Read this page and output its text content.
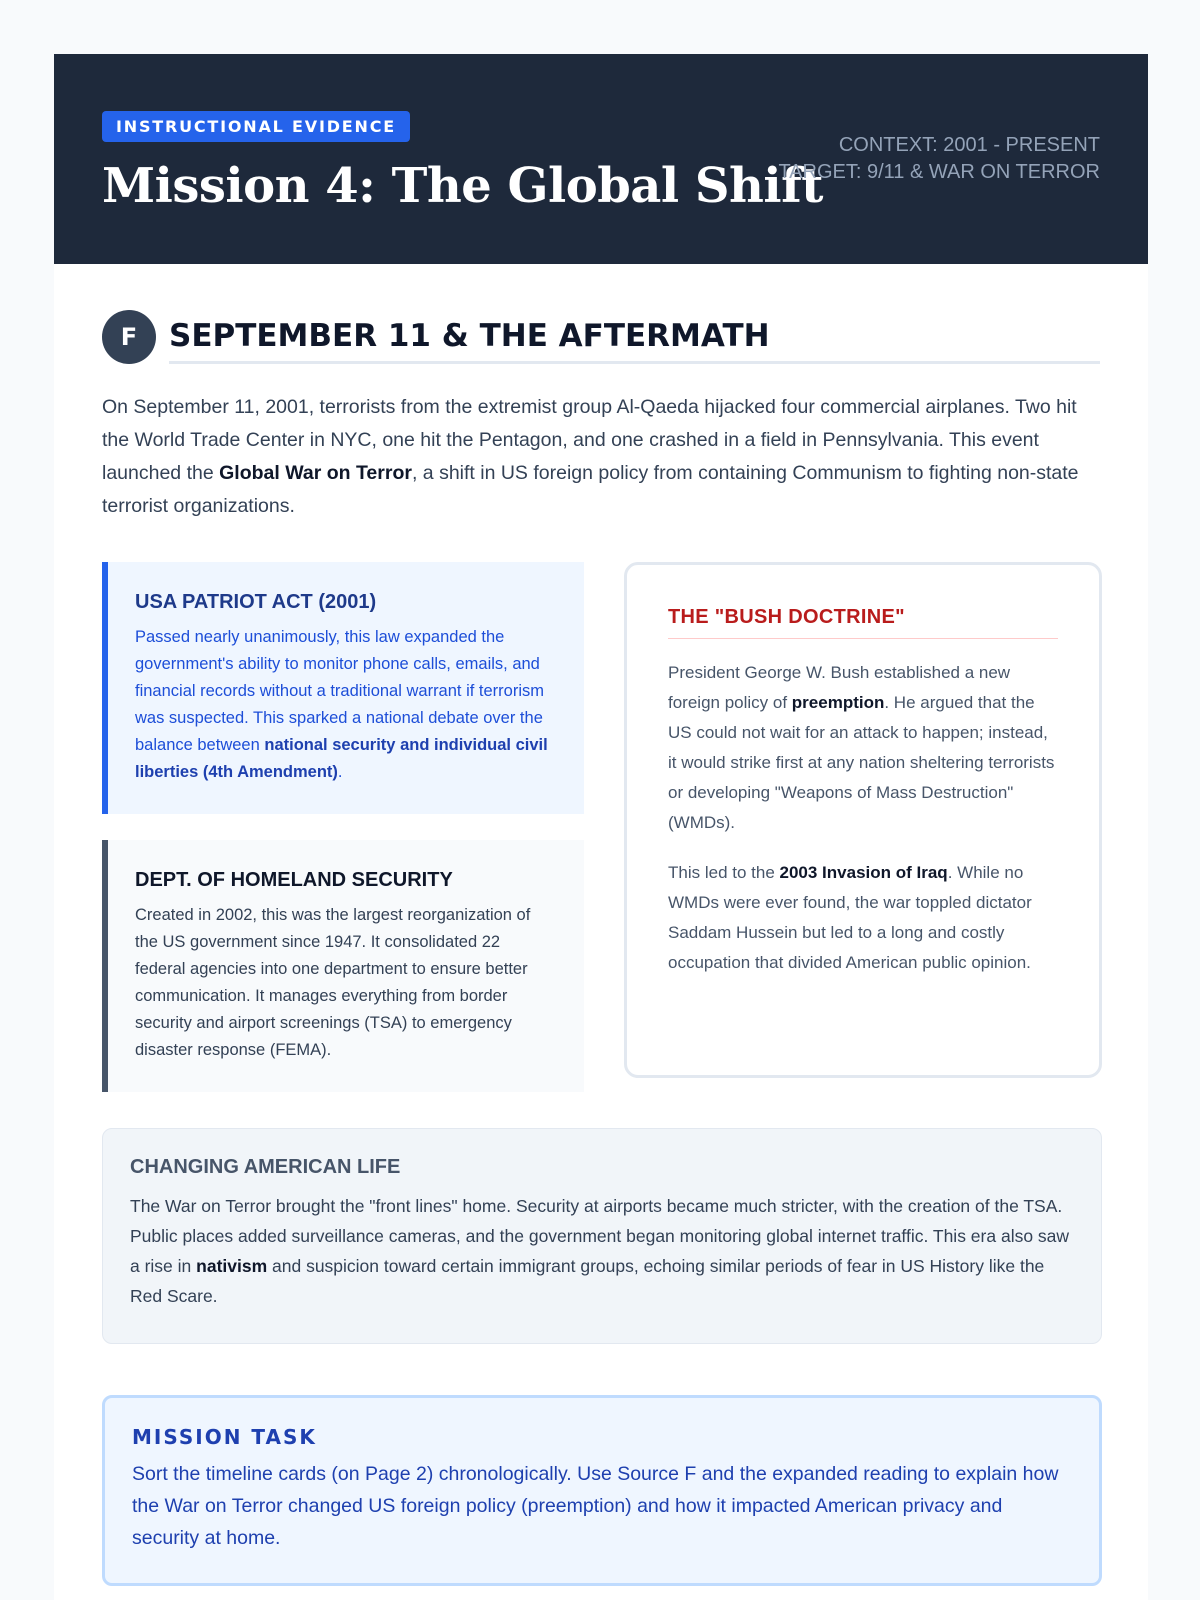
INSTRUCTIONAL EVIDENCE
Mission 4: The Global Shift
CONTEXT: 2001 - PRESENT
TARGET: 9/11 & WAR ON TERROR
F	SEPTEMBER 11 & THE AFTERMATH

On September 11, 2001, terrorists from the extremist group Al-Qaeda hijacked four commercial airplanes. Two hit the World Trade Center in NYC, one hit the Pentagon, and one crashed in a field in Pennsylvania. This event launched the Global War on Terror, a shift in US foreign policy from containing Communism to fighting non-state terrorist organizations.

USA PATRIOT ACT (2001)

Passed nearly unanimously, this law expanded the government's ability to monitor phone calls, emails, and financial records without a traditional warrant if terrorism was suspected. This sparked a national debate over the balance between national security and individual civil liberties (4th Amendment).

DEPT. OF HOMELAND SECURITY

Created in 2002, this was the largest reorganization of the US government since 1947. It consolidated 22 federal agencies into one department to ensure better communication. It manages everything from border security and airport screenings (TSA) to emergency disaster response (FEMA).

THE "BUSH DOCTRINE"

President George W. Bush established a new foreign policy of preemption. He argued that the US could not wait for an attack to happen; instead, it would strike first at any nation sheltering terrorists or developing "Weapons of Mass Destruction" (WMDs).

This led to the 2003 Invasion of Iraq. While no WMDs were ever found, the war toppled dictator Saddam Hussein but led to a long and costly occupation that divided American public opinion.

CHANGING AMERICAN LIFE

The War on Terror brought the "front lines" home. Security at airports became much stricter, with the creation of the TSA. Public places added surveillance cameras, and the government began monitoring global internet traffic. This era also saw a rise in nativism and suspicion toward certain immigrant groups, echoing similar periods of fear in US History like the Red Scare.

MISSION TASK

Sort the timeline cards (on Page 2) chronologically. Use Source F and the expanded reading to explain how the War on Terror changed US foreign policy (preemption) and how it impacted American privacy and security at home.
